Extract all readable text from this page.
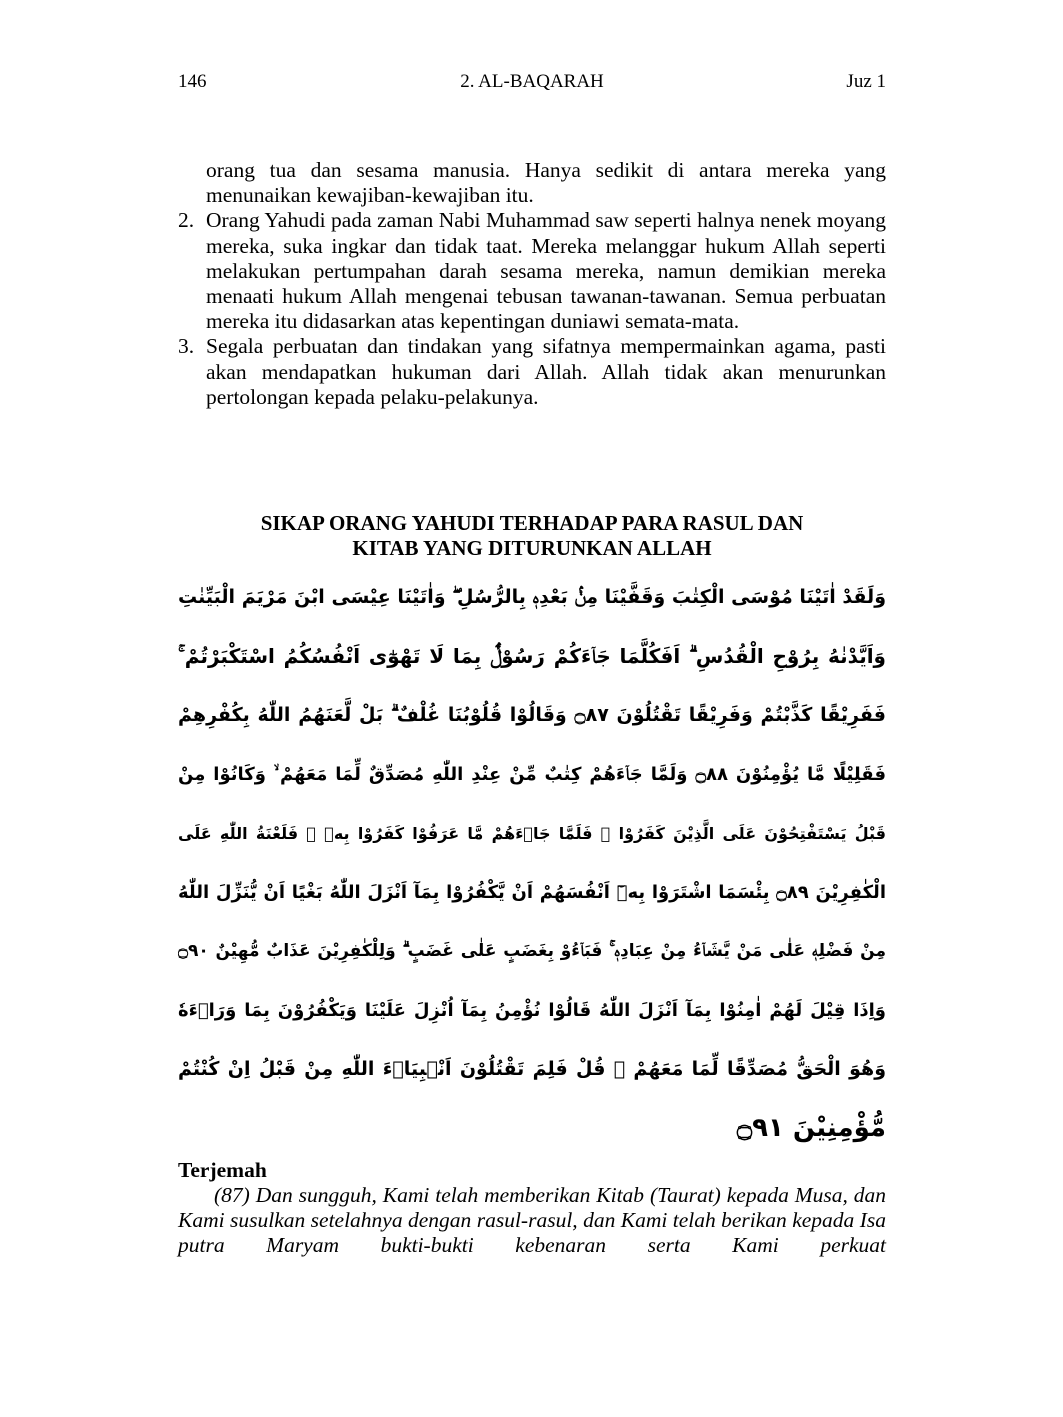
146	2. AL-BAQARAH	Juz 1

orang tua dan sesama manusia. Hanya sedikit di antara mereka yang menunaikan kewajiban-kewajiban itu.

2. Orang Yahudi pada zaman Nabi Muhammad saw seperti halnya nenek moyang mereka, suka ingkar dan tidak taat. Mereka melanggar hukum Allah seperti melakukan pertumpahan darah sesama mereka, namun demikian mereka menaati hukum Allah mengenai tebusan tawanan-tawanan. Semua perbuatan mereka itu didasarkan atas kepentingan duniawi semata-mata.
3. Segala perbuatan dan tindakan yang sifatnya mempermainkan agama, pasti akan mendapatkan hukuman dari Allah. Allah tidak akan menurunkan pertolongan kepada pelaku-pelakunya.
SIKAP ORANG YAHUDI TERHADAP PARA RASUL DAN
KITAB YANG DITURUNKAN ALLAH
وَلَقَدْ اٰتَيْنَا مُوْسَى الْكِتٰبَ وَقَفَّيْنَا مِنْۢ بَعْدِهٖ بِالرُّسُلِ ۖ وَاٰتَيْنَا عِيْسَى ابْنَ مَرْيَمَ الْبَيِّنٰتِ
وَاَيَّدْنٰهُ بِرُوْحِ الْقُدُسِ ۗ اَفَكُلَّمَا جَاۤءَكُمْ رَسُوْلٌۢ بِمَا لَا تَهْوٰٓى اَنْفُسُكُمُ اسْتَكْبَرْتُمْ ۚ
فَفَرِيْقًا كَذَّبْتُمْ وَفَرِيْقًا تَقْتُلُوْنَ ۝٨٧ وَقَالُوْا قُلُوْبُنَا غُلْفٌ ۗ بَلْ لَّعَنَهُمُ اللّٰهُ بِكُفْرِهِمْ
فَقَلِيْلًا مَّا يُؤْمِنُوْنَ ۝٨٨ وَلَمَّا جَاۤءَهُمْ كِتٰبٌ مِّنْ عِنْدِ اللّٰهِ مُصَدِّقٌ لِّمَا مَعَهُمْ ۙ وَكَانُوْا مِنْ
قَبْلُ يَسْتَفْتِحُوْنَ عَلَى الَّذِيْنَ كَفَرُوْا ۚ فَلَمَّا جَاۤءَهُمْ مَّا عَرَفُوْا كَفَرُوْا بِهٖ ۖ فَلَعْنَةُ اللّٰهِ عَلَى
الْكٰفِرِيْنَ ۝٨٩ بِئْسَمَا اشْتَرَوْا بِهٖٓ اَنْفُسَهُمْ اَنْ يَّكْفُرُوْا بِمَآ اَنْزَلَ اللّٰهُ بَغْيًا اَنْ يُّنَزِّلَ اللّٰهُ
مِنْ فَضْلِهٖ عَلٰى مَنْ يَّشَاۤءُ مِنْ عِبَادِهٖ ۚ فَبَاۤءُوْ بِغَضَبٍ عَلٰى غَضَبٍ ۗ وَلِلْكٰفِرِيْنَ عَذَابٌ مُّهِيْنٌ ۝٩٠
وَاِذَا قِيْلَ لَهُمْ اٰمِنُوْا بِمَآ اَنْزَلَ اللّٰهُ قَالُوْا نُؤْمِنُ بِمَآ اُنْزِلَ عَلَيْنَا وَيَكْفُرُوْنَ بِمَا وَرَاۤءَهٗ
وَهُوَ الْحَقُّ مُصَدِّقًا لِّمَا مَعَهُمْ ۗ قُلْ فَلِمَ تَقْتُلُوْنَ اَنْۢبِيَاۤءَ اللّٰهِ مِنْ قَبْلُ اِنْ كُنْتُمْ
مُّؤْمِنِيْنَ ۝٩١
Terjemah

(87) Dan sungguh, Kami telah memberikan Kitab (Taurat) kepada Musa, dan Kami susulkan setelahnya dengan rasul-rasul, dan Kami telah berikan kepada Isa putra Maryam bukti-bukti kebenaran serta Kami perkuat
